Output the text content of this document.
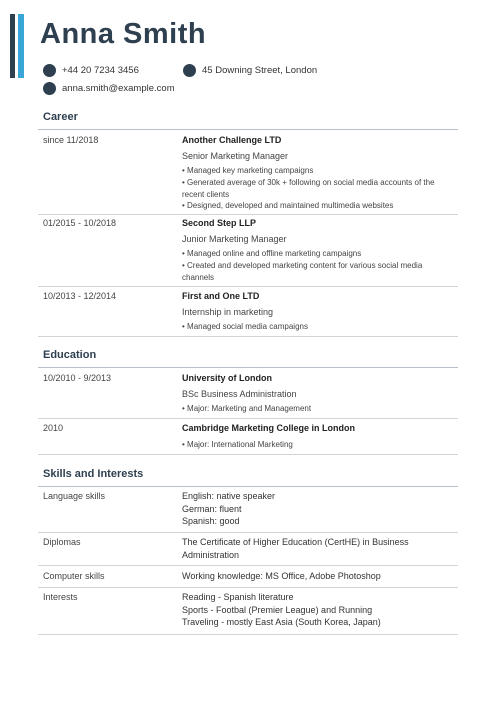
Anna Smith
+44 20 7234 3456	45 Downing Street, London
anna.smith@example.com
Career
since 11/2018	Another Challenge LTD
Senior Marketing Manager
• Managed key marketing campaigns
• Generated average of 30k + following on social media accounts of the recent clients
• Designed, developed and maintained multimedia websites
01/2015 - 10/2018	Second Step LLP
Junior Marketing Manager
• Managed online and offline marketing campaigns
• Created and developed marketing content for various social media channels
10/2013 - 12/2014	First and One LTD
Internship in marketing
• Managed social media campaigns
Education
10/2010 - 9/2013	University of London
BSc Business Administration
• Major: Marketing and Management
2010	Cambridge Marketing College in London
• Major: International Marketing
Skills and Interests
Language skills	English: native speaker
German: fluent
Spanish: good
Diplomas	The Certificate of Higher Education (CertHE) in Business Administration
Computer skills	Working knowledge: MS Office, Adobe Photoshop
Interests	Reading - Spanish literature
Sports - Footbal (Premier League) and Running
Traveling - mostly East Asia (South Korea, Japan)
